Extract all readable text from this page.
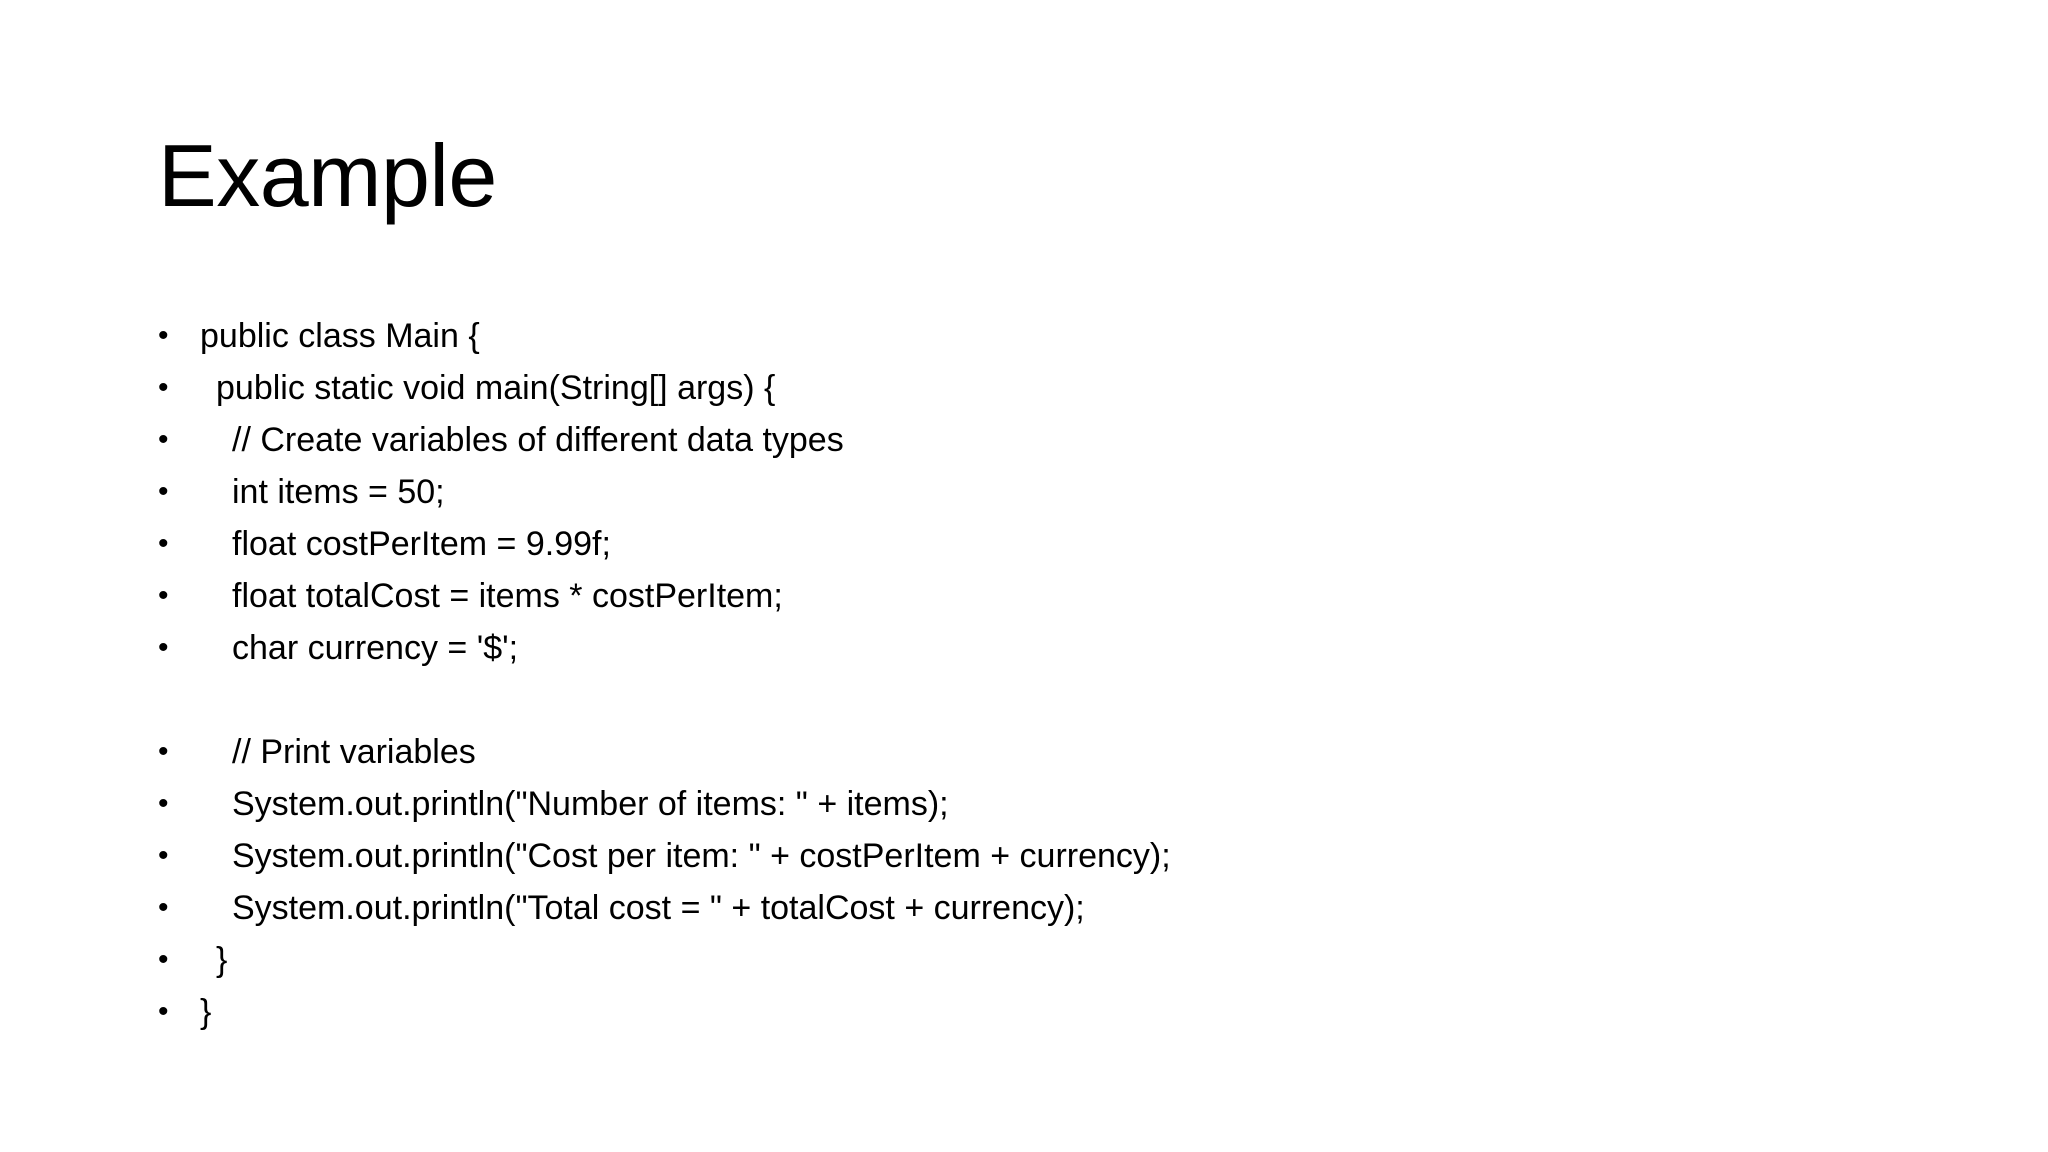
Example
• public class Main {
• public static void main(String[] args) {
• // Create variables of different data types
• int items = 50;
• float costPerItem = 9.99f;
• float totalCost = items * costPerItem;
• char currency = '$';
• // Print variables
• System.out.println("Number of items: " + items);
• System.out.println("Cost per item: " + costPerItem + currency);
• System.out.println("Total cost = " + totalCost + currency);
• }
• }
